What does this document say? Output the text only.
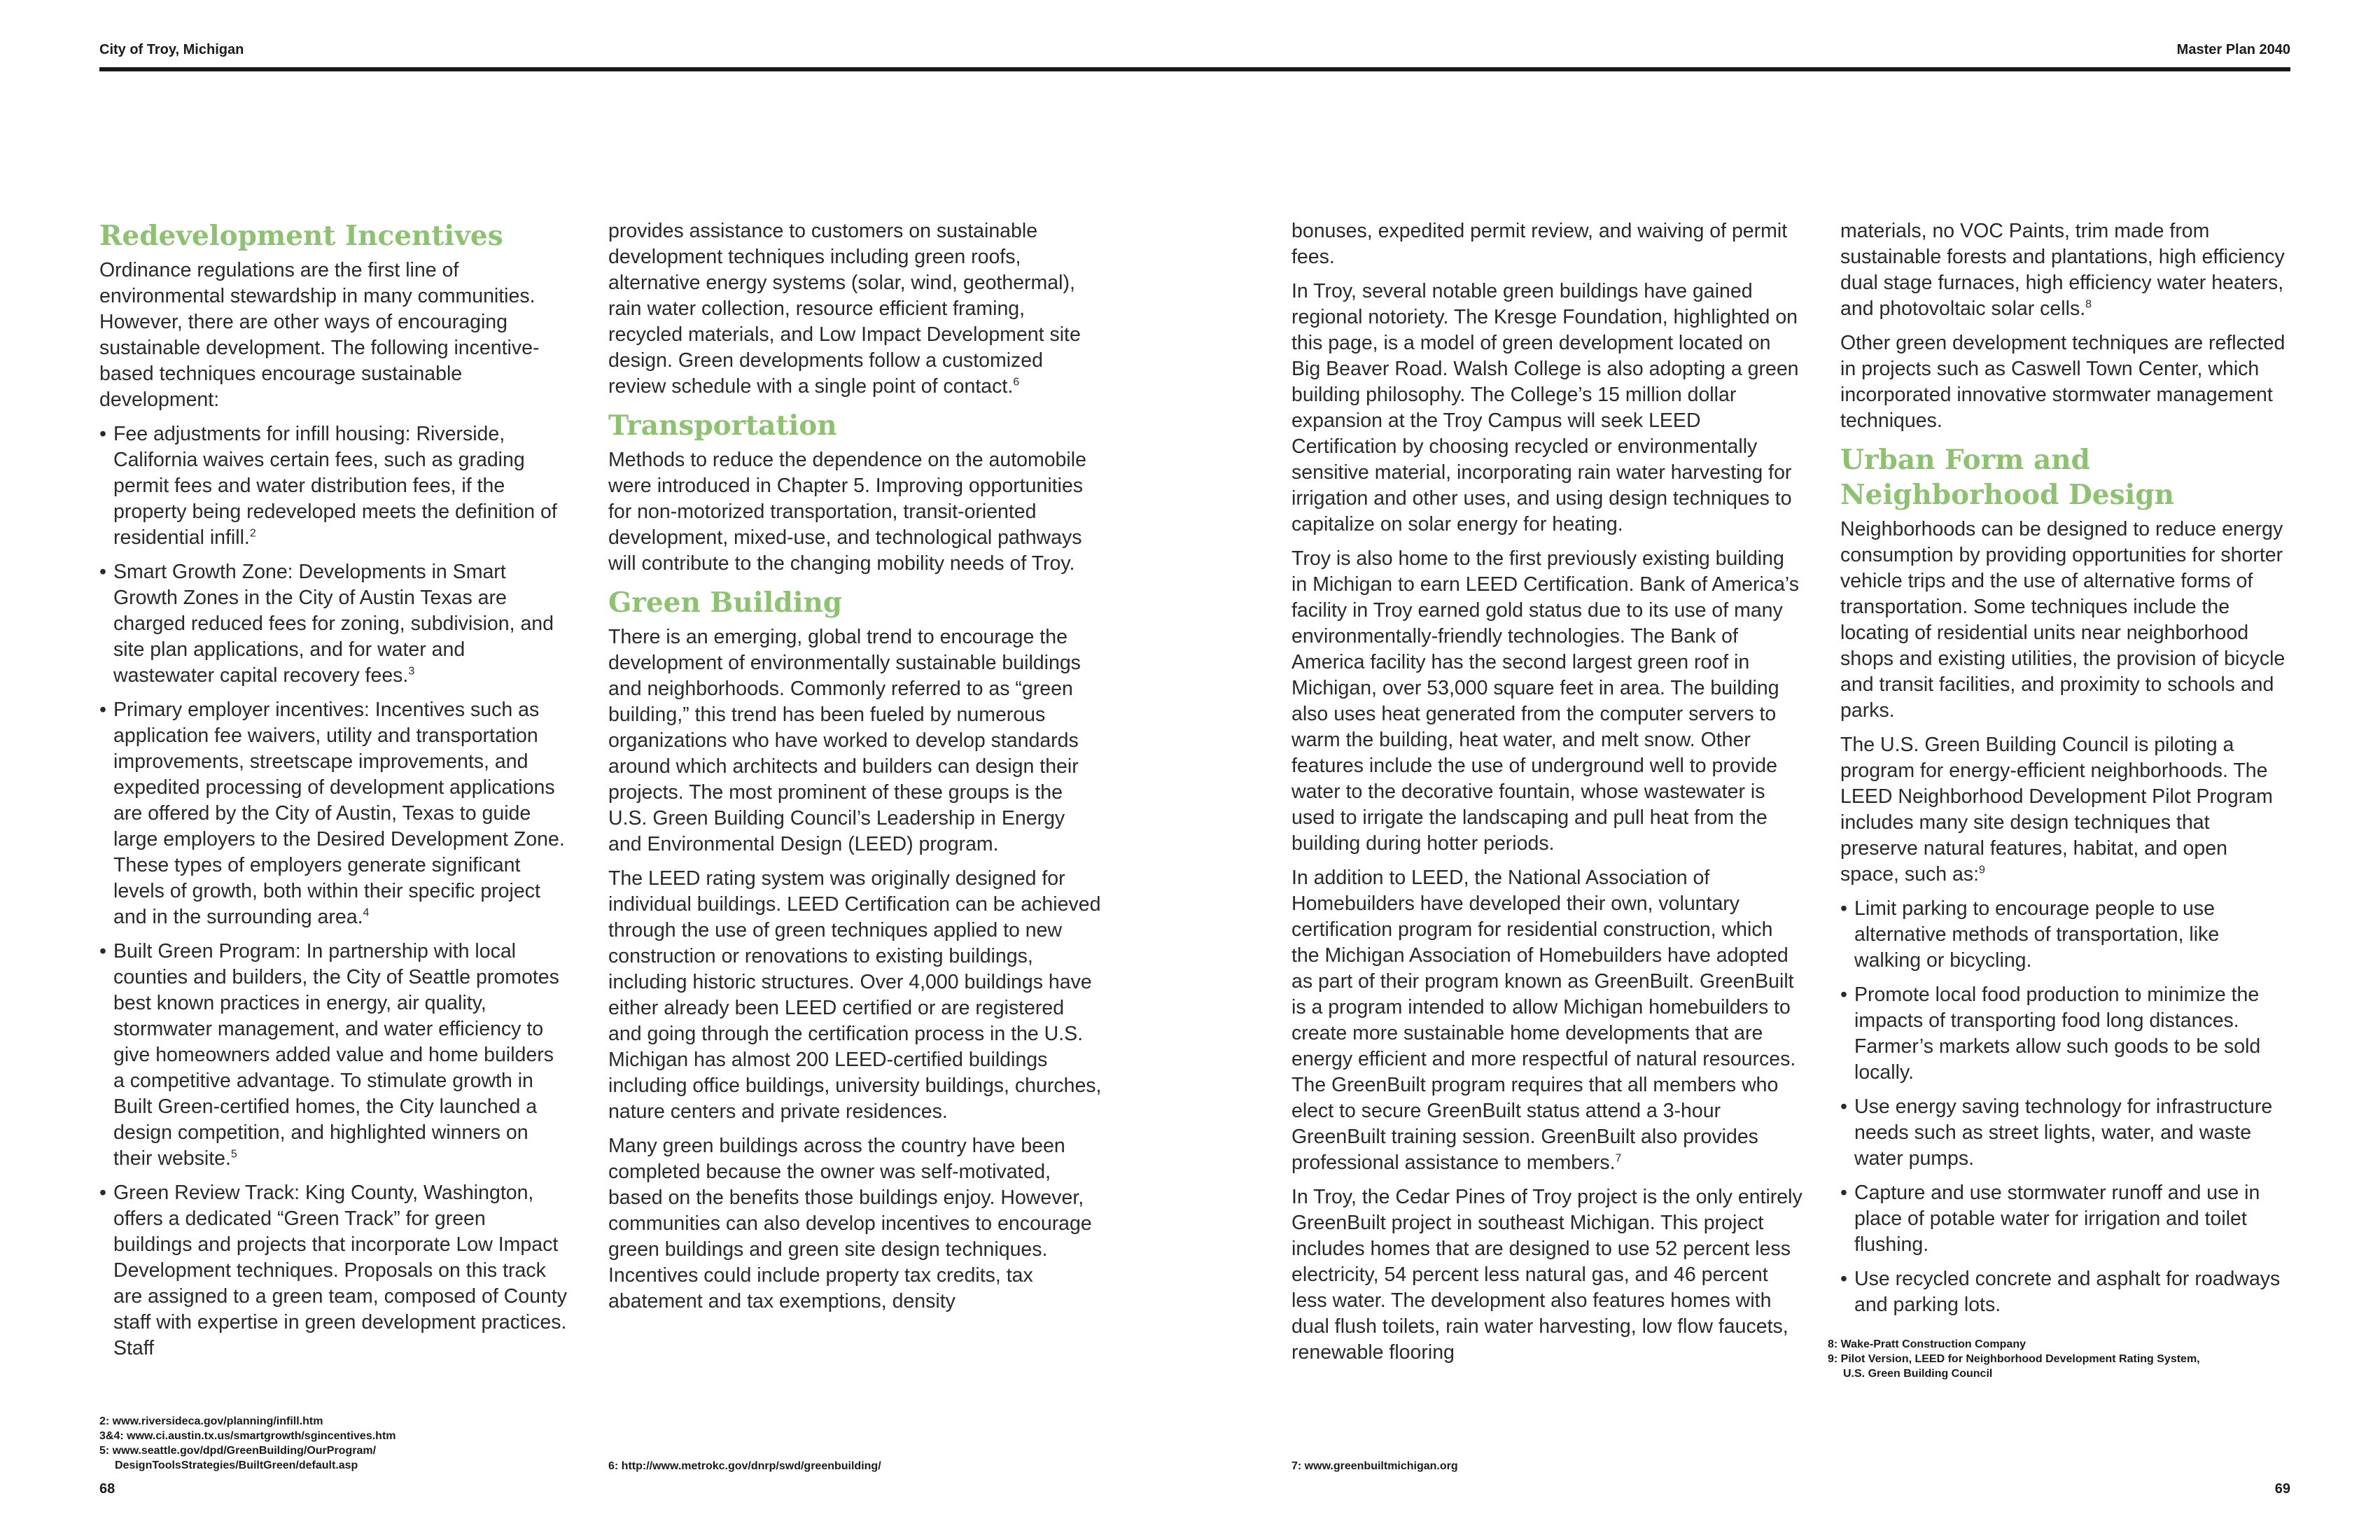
City of Troy, Michigan	Master Plan 2040
Redevelopment Incentives

Ordinance regulations are the first line of environmental stewardship in many communities. However, there are other ways of encouraging sustainable development. The following incentive-based techniques encourage sustainable development:

• Fee adjustments for infill housing: Riverside, California waives certain fees, such as grading permit fees and water distribution fees, if the property being redeveloped meets the definition of residential infill.$^2$
• Smart Growth Zone: Developments in Smart Growth Zones in the City of Austin Texas are charged reduced fees for zoning, subdivision, and site plan applications, and for water and wastewater capital recovery fees.$^3$
• Primary employer incentives: Incentives such as application fee waivers, utility and transportation improvements, streetscape improvements, and expedited processing of development applications are offered by the City of Austin, Texas to guide large employers to the Desired Development Zone. These types of employers generate significant levels of growth, both within their specific project and in the surrounding area.$^4$
• Built Green Program: In partnership with local counties and builders, the City of Seattle promotes best known practices in energy, air quality, stormwater management, and water efficiency to give homeowners added value and home builders a competitive advantage. To stimulate growth in Built Green-certified homes, the City launched a design competition, and highlighted winners on their website.$^5$
• Green Review Track: King County, Washington, offers a dedicated “Green Track” for green buildings and projects that incorporate Low Impact Development techniques. Proposals on this track are assigned to a green team, composed of County staff with expertise in green development practices. Staff
2: www.riversideca.gov/planning/infill.htm
3&4: www.ci.austin.tx.us/smartgrowth/sgincentives.htm
5: www.seattle.gov/dpd/GreenBuilding/OurProgram/
DesignToolsStrategies/BuiltGreen/default.asp

provides assistance to customers on sustainable development techniques including green roofs, alternative energy systems (solar, wind, geothermal), rain water collection, resource efficient framing, recycled materials, and Low Impact Development site design. Green developments follow a customized review schedule with a single point of contact.$^6$

Transportation

Methods to reduce the dependence on the automobile were introduced in Chapter 5. Improving opportunities for non-motorized transportation, transit-oriented development, mixed-use, and technological pathways will contribute to the changing mobility needs of Troy.

Green Building

There is an emerging, global trend to encourage the development of environmentally sustainable buildings and neighborhoods. Commonly referred to as “green building,” this trend has been fueled by numerous organizations who have worked to develop standards around which architects and builders can design their projects. The most prominent of these groups is the U.S. Green Building Council’s Leadership in Energy and Environmental Design (LEED) program.

The LEED rating system was originally designed for individual buildings. LEED Certification can be achieved through the use of green techniques applied to new construction or renovations to existing buildings, including historic structures. Over 4,000 buildings have either already been LEED certified or are registered and going through the certification process in the U.S. Michigan has almost 200 LEED-certified buildings including office buildings, university buildings, churches, nature centers and private residences.

Many green buildings across the country have been completed because the owner was self-motivated, based on the benefits those buildings enjoy. However, communities can also develop incentives to encourage green buildings and green site design techniques. Incentives could include property tax credits, tax abatement and tax exemptions, density

6: http://www.metrokc.gov/dnrp/swd/greenbuilding/

bonuses, expedited permit review, and waiving of permit fees.

In Troy, several notable green buildings have gained regional notoriety. The Kresge Foundation, highlighted on this page, is a model of green development located on Big Beaver Road. Walsh College is also adopting a green building philosophy. The College’s 15 million dollar expansion at the Troy Campus will seek LEED Certification by choosing recycled or environmentally sensitive material, incorporating rain water harvesting for irrigation and other uses, and using design techniques to capitalize on solar energy for heating.

Troy is also home to the first previously existing building in Michigan to earn LEED Certification. Bank of America’s facility in Troy earned gold status due to its use of many environmentally-friendly technologies. The Bank of America facility has the second largest green roof in Michigan, over 53,000 square feet in area. The building also uses heat generated from the computer servers to warm the building, heat water, and melt snow. Other features include the use of underground well to provide water to the decorative fountain, whose wastewater is used to irrigate the landscaping and pull heat from the building during hotter periods.

In addition to LEED, the National Association of Homebuilders have developed their own, voluntary certification program for residential construction, which the Michigan Association of Homebuilders have adopted as part of their program known as GreenBuilt. GreenBuilt is a program intended to allow Michigan homebuilders to create more sustainable home developments that are energy efficient and more respectful of natural resources. The GreenBuilt program requires that all members who elect to secure GreenBuilt status attend a 3-hour GreenBuilt training session. GreenBuilt also provides professional assistance to members.$^7$

In Troy, the Cedar Pines of Troy project is the only entirely GreenBuilt project in southeast Michigan. This project includes homes that are designed to use 52 percent less electricity, 54 percent less natural gas, and 46 percent less water. The development also features homes with dual flush toilets, rain water harvesting, low flow faucets, renewable flooring

7: www.greenbuiltmichigan.org

materials, no VOC Paints, trim made from sustainable forests and plantations, high efficiency dual stage furnaces, high efficiency water heaters, and photovoltaic solar cells.$^8$

Other green development techniques are reflected in projects such as Caswell Town Center, which incorporated innovative stormwater management techniques.

Urban Form and Neighborhood Design

Neighborhoods can be designed to reduce energy consumption by providing opportunities for shorter vehicle trips and the use of alternative forms of transportation. Some techniques include the locating of residential units near neighborhood shops and existing utilities, the provision of bicycle and transit facilities, and proximity to schools and parks.

The U.S. Green Building Council is piloting a program for energy-efficient neighborhoods. The LEED Neighborhood Development Pilot Program includes many site design techniques that preserve natural features, habitat, and open space, such as:$^9$

• Limit parking to encourage people to use alternative methods of transportation, like walking or bicycling.
• Promote local food production to minimize the impacts of transporting food long distances. Farmer’s markets allow such goods to be sold locally.
• Use energy saving technology for infrastructure needs such as street lights, water, and waste water pumps.
• Capture and use stormwater runoff and use in place of potable water for irrigation and toilet flushing.
• Use recycled concrete and asphalt for roadways and parking lots.
8: Wake-Pratt Construction Company
9: Pilot Version, LEED for Neighborhood Development Rating System,
U.S. Green Building Council
68	69
